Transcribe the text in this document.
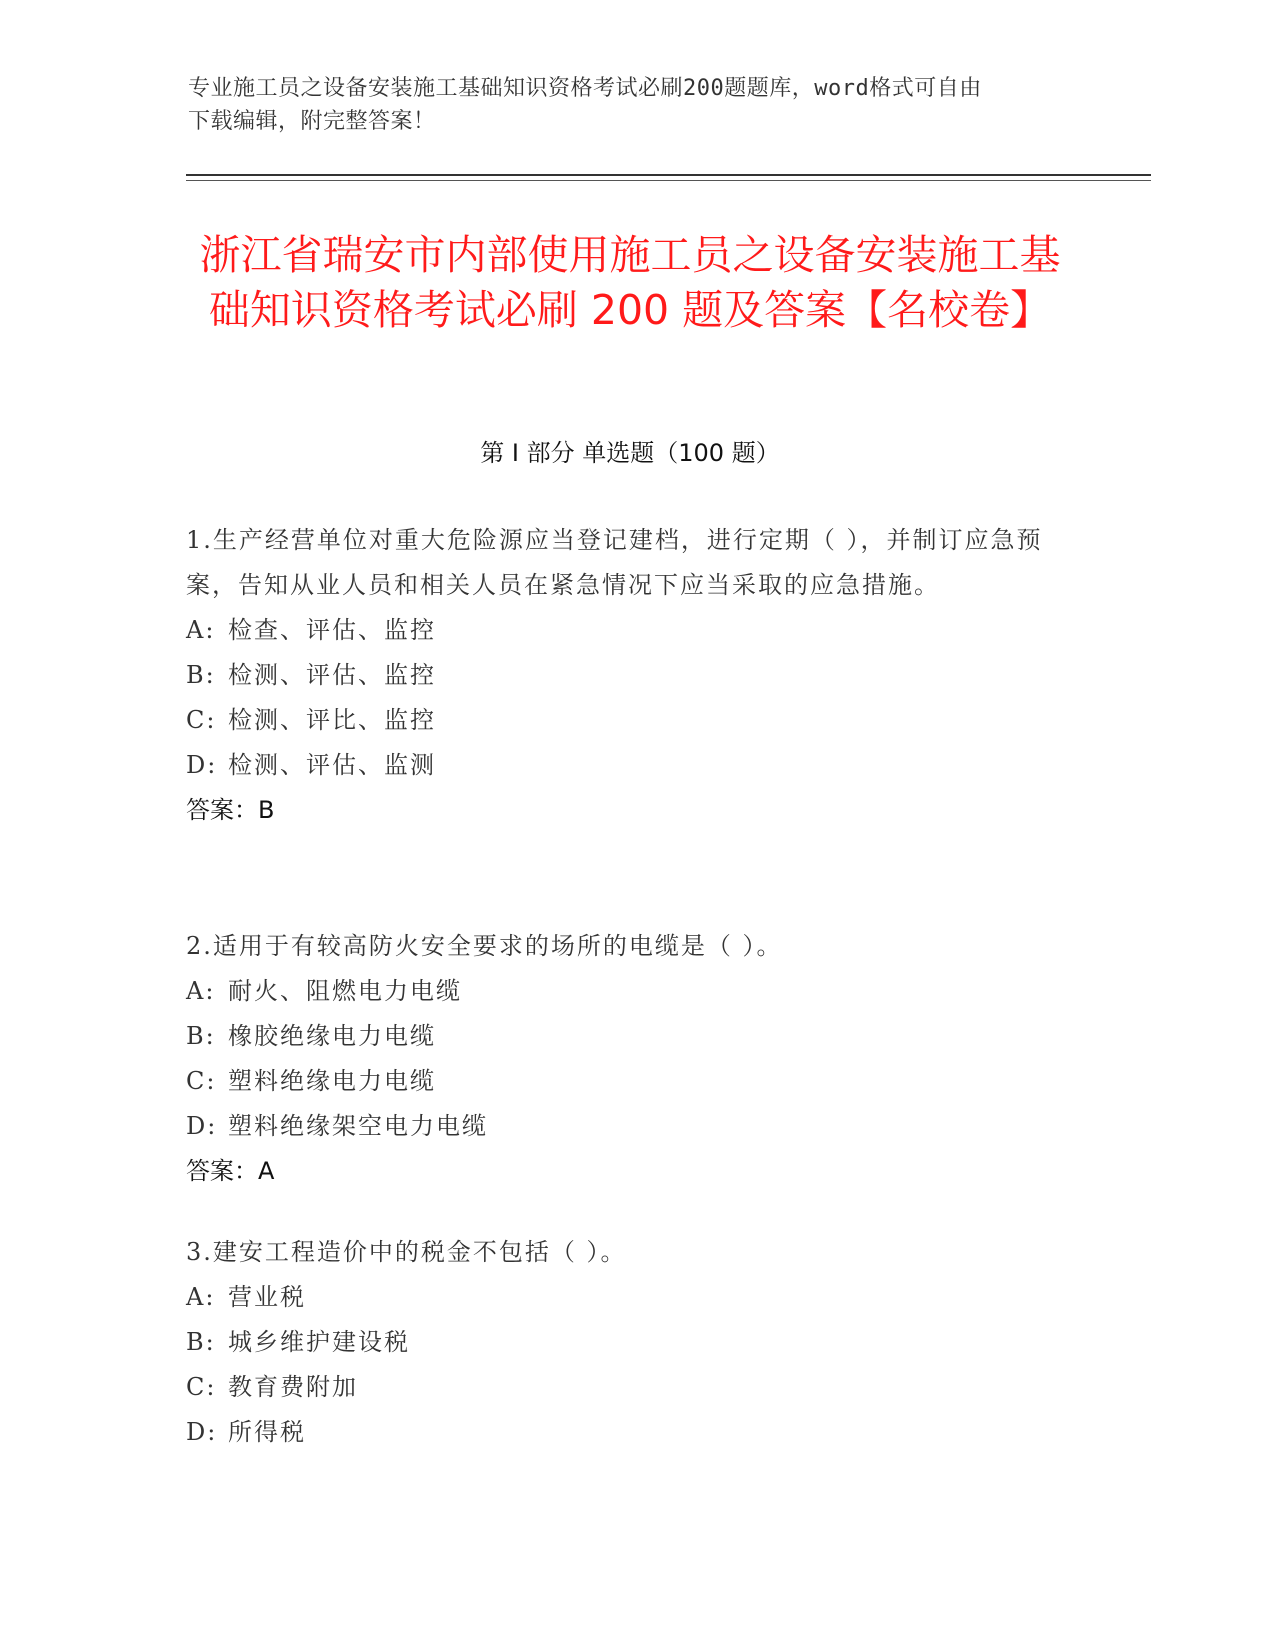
专业施工员之设备安装施工基础知识资格考试必刷200题题库，word格式可自由
下载编辑，附完整答案！
浙江省瑞安市内部使用施工员之设备安装施工基础知识资格考试必刷 200 题及答案【名校卷】
第 I 部分 单选题（100 题）
1.生产经营单位对重大危险源应当登记建档，进行定期（ ），并制订应急预案，告知从业人员和相关人员在紧急情况下应当采取的应急措施。
A: 检查、评估、监控
B: 检测、评估、监控
C: 检测、评比、监控
D: 检测、评估、监测
答案：B
2.适用于有较高防火安全要求的场所的电缆是（ ）。
A: 耐火、阻燃电力电缆
B: 橡胶绝缘电力电缆
C: 塑料绝缘电力电缆
D: 塑料绝缘架空电力电缆
答案：A
3.建安工程造价中的税金不包括（ ）。
A: 营业税
B: 城乡维护建设税
C: 教育费附加
D: 所得税
